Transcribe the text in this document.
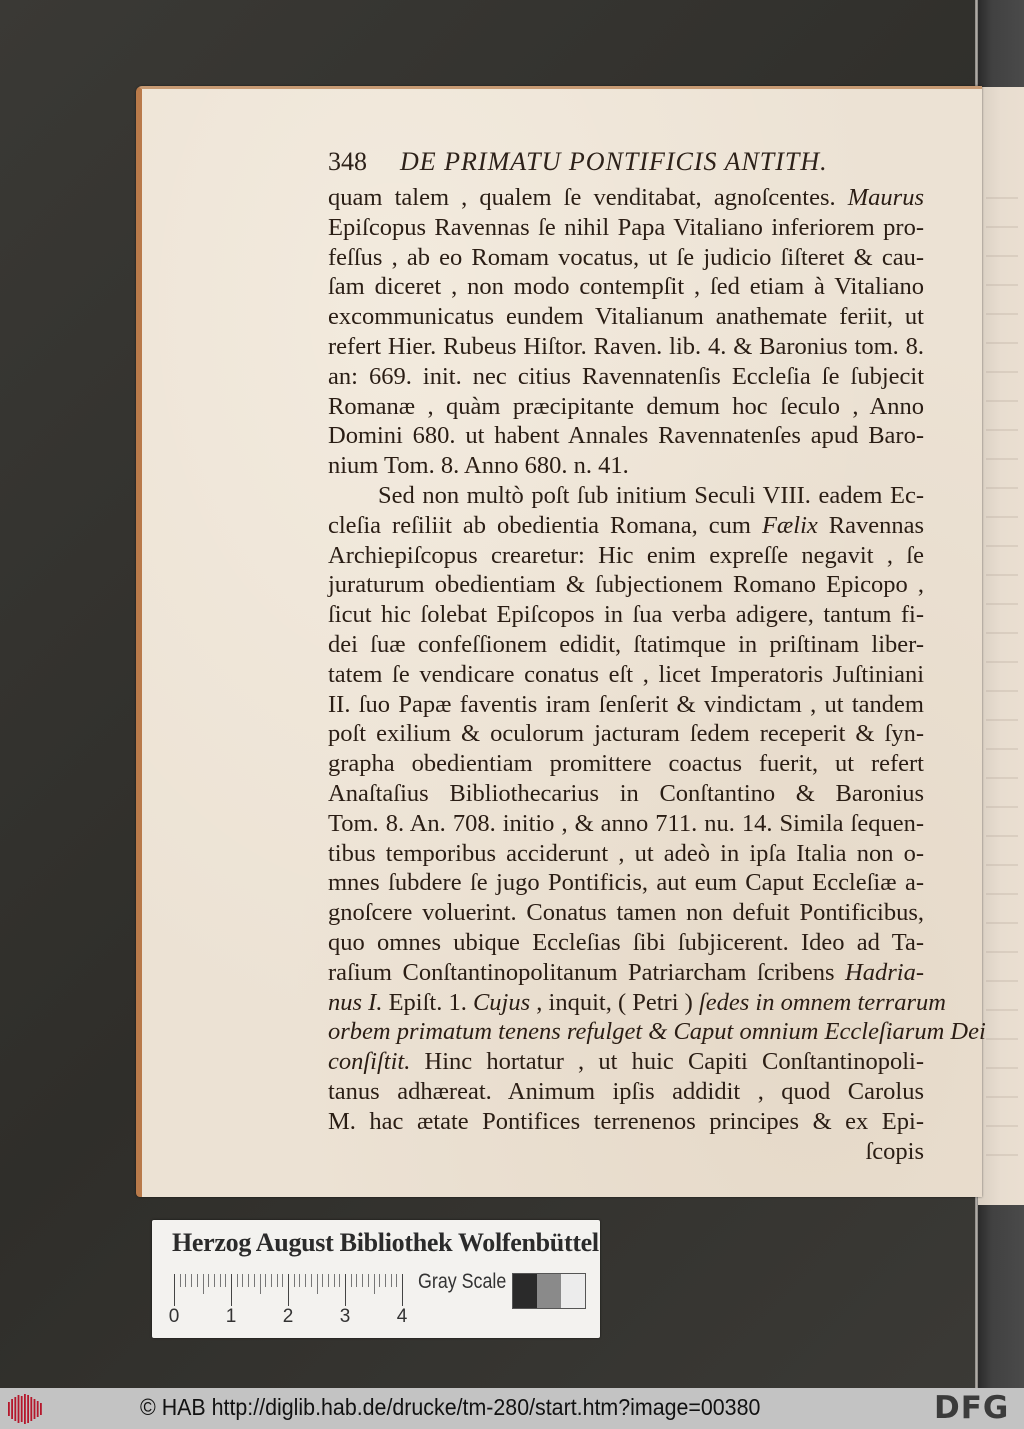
348 DE PRIMATU PONTIFICIS ANTITH.
quam talem , qualem ſe venditabat, agnoſcentes. Maurus
Epiſcopus Ravennas ſe nihil Papa Vitaliano inferiorem pro-
feſſus , ab eo Romam vocatus, ut ſe judicio ſiſteret & cau-
ſam diceret , non modo contempſit , ſed etiam à Vitaliano
excommunicatus eundem Vitalianum anathemate feriit, ut
refert Hier. Rubeus Hiſtor. Raven. lib. 4. & Baronius tom. 8.
an: 669. init. nec citius Ravennatenſis Eccleſia ſe ſubjecit
Romanæ , quàm præcipitante demum hoc ſeculo , Anno
Domini 680. ut habent Annales Ravennatenſes apud Baro-
nium Tom. 8. Anno 680. n. 41.
Sed non multò poſt ſub initium Seculi VIII. eadem Ec-
cleſia reſiliit ab obedientia Romana, cum Fælix Ravennas
Archiepiſcopus crearetur: Hic enim expreſſe negavit , ſe
juraturum obedientiam & ſubjectionem Romano Epicopo ,
ſicut hic ſolebat Epiſcopos in ſua verba adigere, tantum fi-
dei ſuæ confeſſionem edidit, ſtatimque in priſtinam liber-
tatem ſe vendicare conatus eſt , licet Imperatoris Juſtiniani
II. ſuo Papæ faventis iram ſenſerit & vindictam , ut tandem
poſt exilium & oculorum jacturam ſedem receperit & ſyn-
grapha obedientiam promittere coactus fuerit, ut refert
Anaſtaſius Bibliothecarius in Conſtantino & Baronius
Tom. 8. An. 708. initio , & anno 711. nu. 14. Simila ſequen-
tibus temporibus acciderunt , ut adeò in ipſa Italia non o-
mnes ſubdere ſe jugo Pontificis, aut eum Caput Eccleſiæ a-
gnoſcere voluerint. Conatus tamen non defuit Pontificibus,
quo omnes ubique Eccleſias ſibi ſubjicerent. Ideo ad Ta-
raſium Conſtantinopolitanum Patriarcham ſcribens Hadria-
nus I. Epiſt. 1. Cujus , inquit, ( Petri ) ſedes in omnem terrarum
orbem primatum tenens refulget & Caput omnium Eccleſiarum Dei
conſiſtit. Hinc hortatur , ut huic Capiti Conſtantinopoli-
tanus adhæreat. Animum ipſis addidit , quod Carolus
M. hac ætate Pontifices terrenenos principes & ex Epi-
ſcopis
Herzog August Bibliothek Wolfenbüttel
0 1 2 3 4
Gray Scale
© HAB http://diglib.hab.de/drucke/tm-280/start.htm?image=00380	DFG
